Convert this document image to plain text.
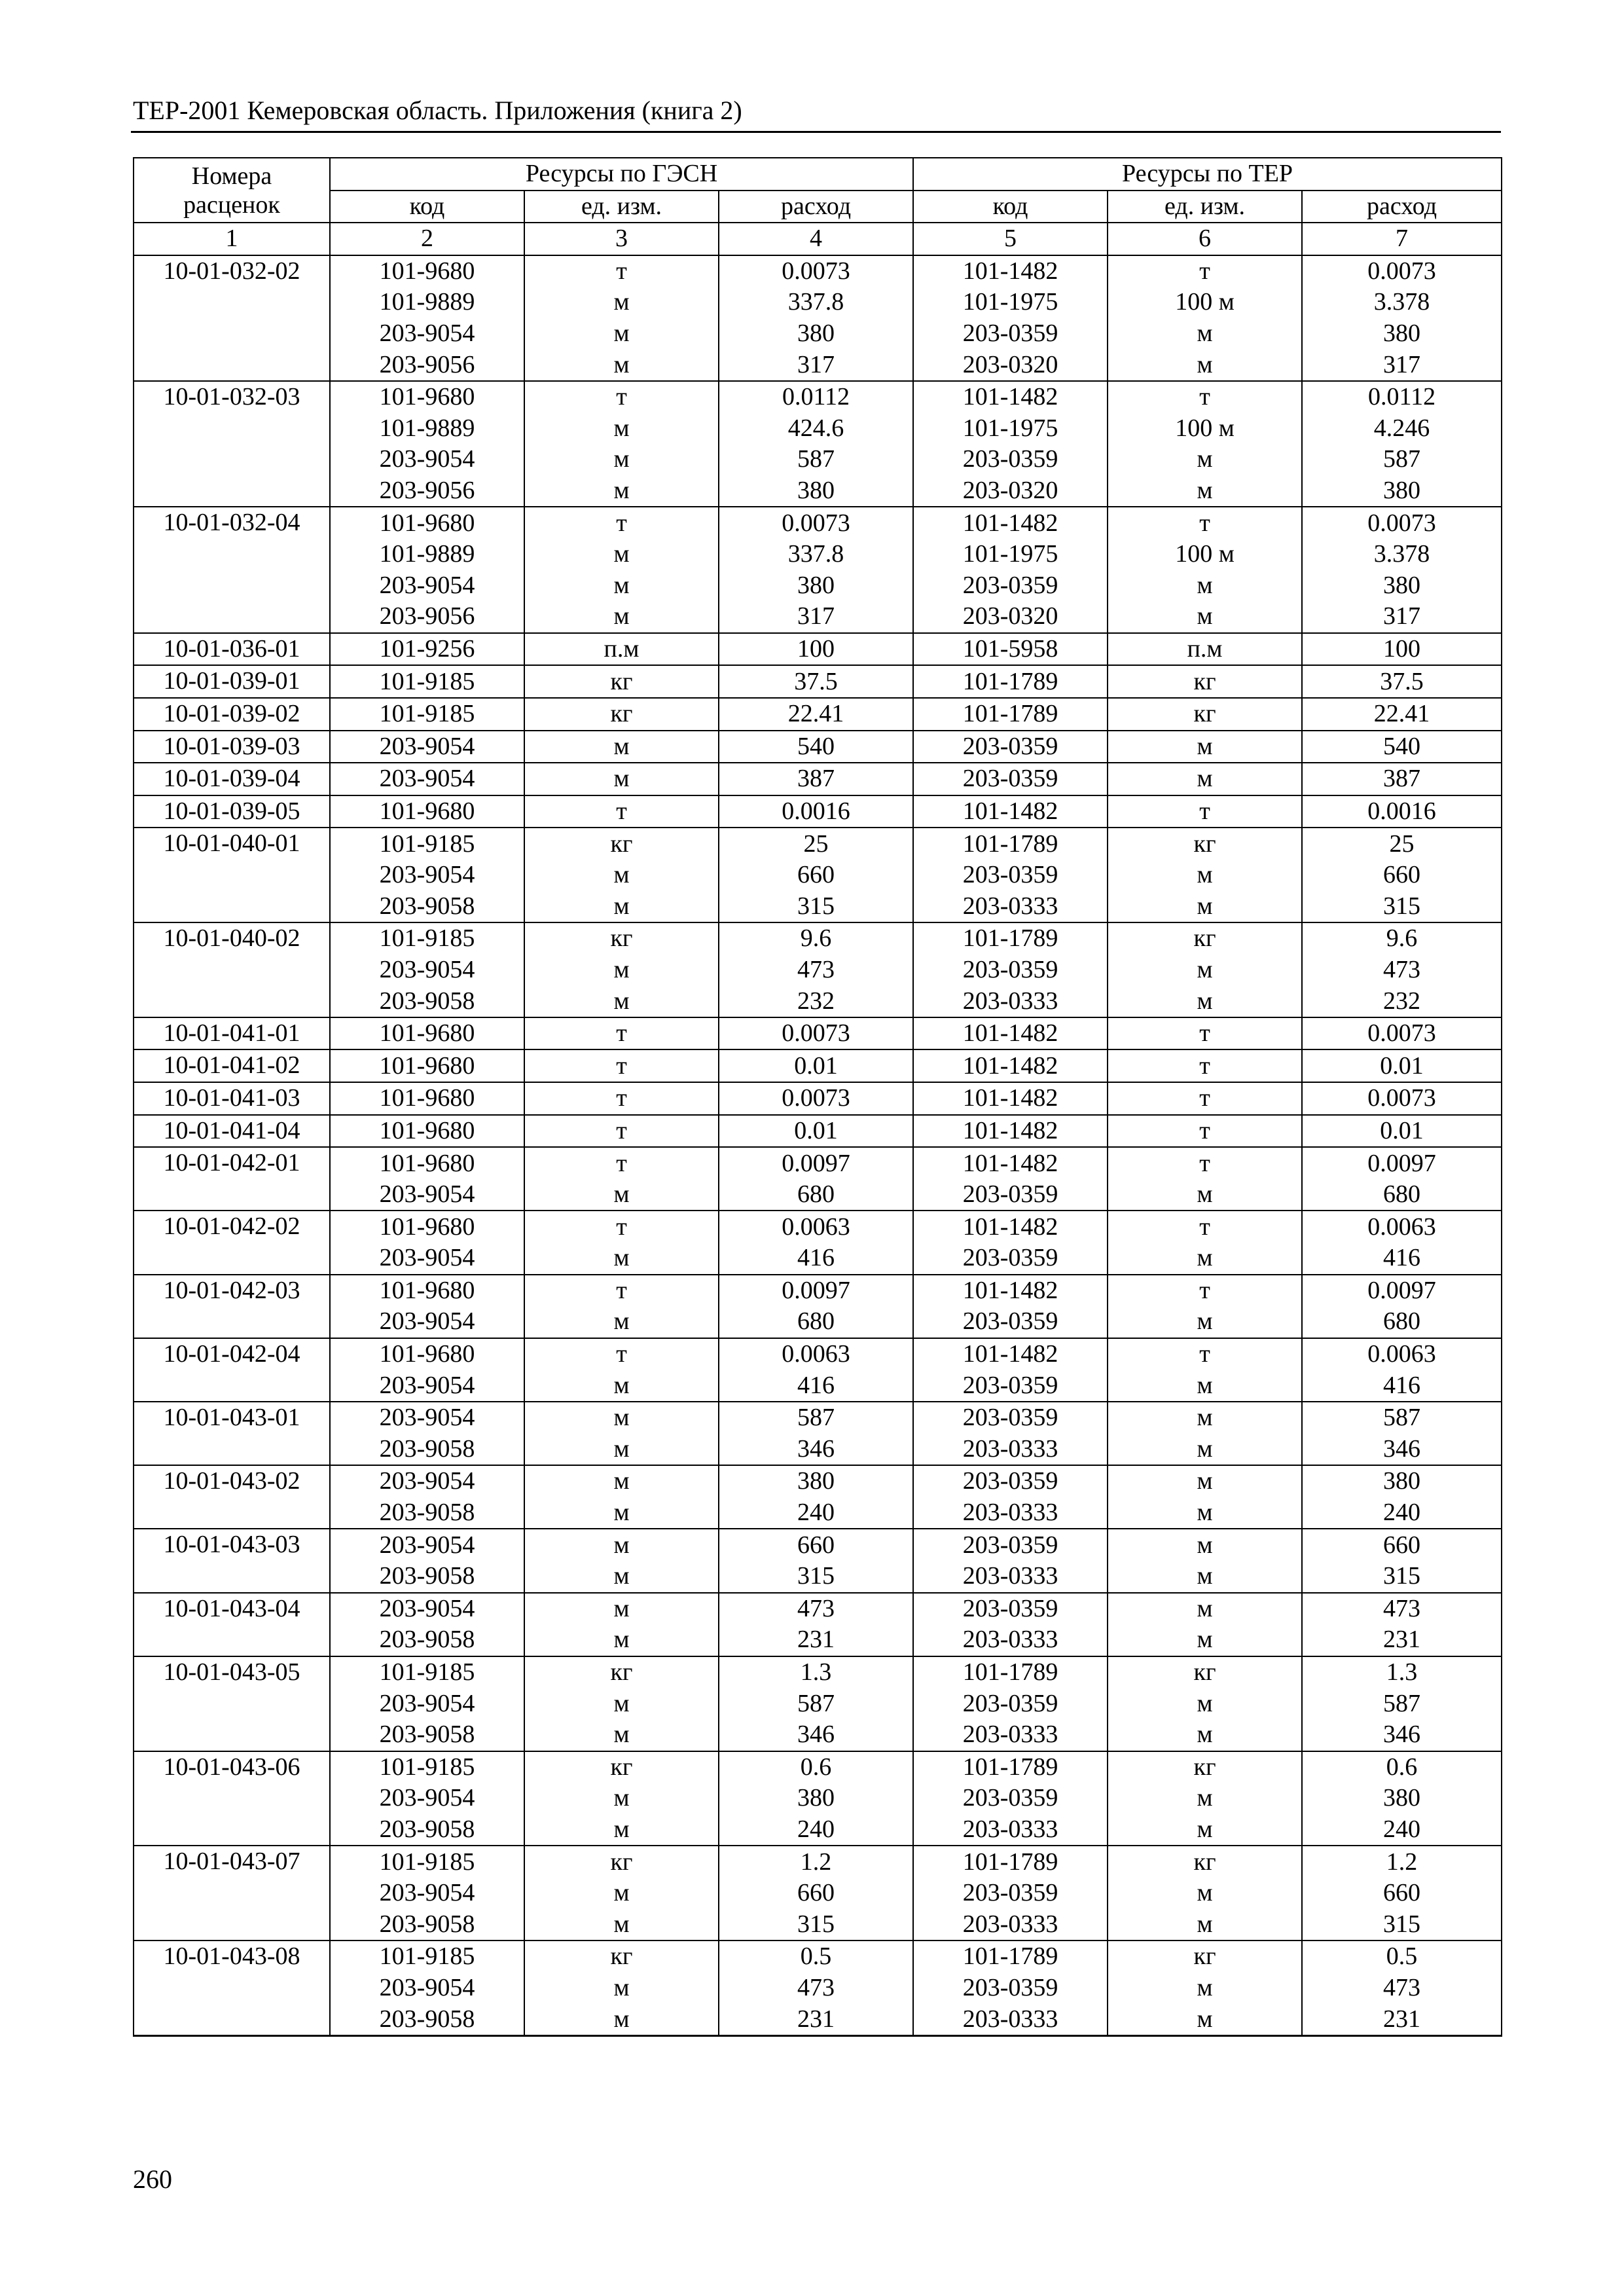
ТЕР-2001 Кемеровская область. Приложения (книга 2)
Номера расценок	Ресурсы по ГЭСН			Ресурсы по ТЕР		
	код	ед. изм.	расход	код	ед. изм.	расход
1	2	3	4	5	6	7
10-01-032-02	101-9680	т	0.0073	101-1482	т	0.0073
	101-9889	м	337.8	101-1975	100 м	3.378
	203-9054	м	380	203-0359	м	380
	203-9056	м	317	203-0320	м	317
10-01-032-03	101-9680	т	0.0112	101-1482	т	0.0112
	101-9889	м	424.6	101-1975	100 м	4.246
	203-9054	м	587	203-0359	м	587
	203-9056	м	380	203-0320	м	380
10-01-032-04	101-9680	т	0.0073	101-1482	т	0.0073
	101-9889	м	337.8	101-1975	100 м	3.378
	203-9054	м	380	203-0359	м	380
	203-9056	м	317	203-0320	м	317
10-01-036-01	101-9256	п.м	100	101-5958	п.м	100
10-01-039-01	101-9185	кг	37.5	101-1789	кг	37.5
10-01-039-02	101-9185	кг	22.41	101-1789	кг	22.41
10-01-039-03	203-9054	м	540	203-0359	м	540
10-01-039-04	203-9054	м	387	203-0359	м	387
10-01-039-05	101-9680	т	0.0016	101-1482	т	0.0016
10-01-040-01	101-9185	кг	25	101-1789	кг	25
	203-9054	м	660	203-0359	м	660
	203-9058	м	315	203-0333	м	315
10-01-040-02	101-9185	кг	9.6	101-1789	кг	9.6
	203-9054	м	473	203-0359	м	473
	203-9058	м	232	203-0333	м	232
10-01-041-01	101-9680	т	0.0073	101-1482	т	0.0073
10-01-041-02	101-9680	т	0.01	101-1482	т	0.01
10-01-041-03	101-9680	т	0.0073	101-1482	т	0.0073
10-01-041-04	101-9680	т	0.01	101-1482	т	0.01
10-01-042-01	101-9680	т	0.0097	101-1482	т	0.0097
	203-9054	м	680	203-0359	м	680
10-01-042-02	101-9680	т	0.0063	101-1482	т	0.0063
	203-9054	м	416	203-0359	м	416
10-01-042-03	101-9680	т	0.0097	101-1482	т	0.0097
	203-9054	м	680	203-0359	м	680
10-01-042-04	101-9680	т	0.0063	101-1482	т	0.0063
	203-9054	м	416	203-0359	м	416
10-01-043-01	203-9054	м	587	203-0359	м	587
	203-9058	м	346	203-0333	м	346
10-01-043-02	203-9054	м	380	203-0359	м	380
	203-9058	м	240	203-0333	м	240
10-01-043-03	203-9054	м	660	203-0359	м	660
	203-9058	м	315	203-0333	м	315
10-01-043-04	203-9054	м	473	203-0359	м	473
	203-9058	м	231	203-0333	м	231
10-01-043-05	101-9185	кг	1.3	101-1789	кг	1.3
	203-9054	м	587	203-0359	м	587
	203-9058	м	346	203-0333	м	346
10-01-043-06	101-9185	кг	0.6	101-1789	кг	0.6
	203-9054	м	380	203-0359	м	380
	203-9058	м	240	203-0333	м	240
10-01-043-07	101-9185	кг	1.2	101-1789	кг	1.2
	203-9054	м	660	203-0359	м	660
	203-9058	м	315	203-0333	м	315
10-01-043-08	101-9185	кг	0.5	101-1789	кг	0.5
	203-9054	м	473	203-0359	м	473
	203-9058	м	231	203-0333	м	231
260
